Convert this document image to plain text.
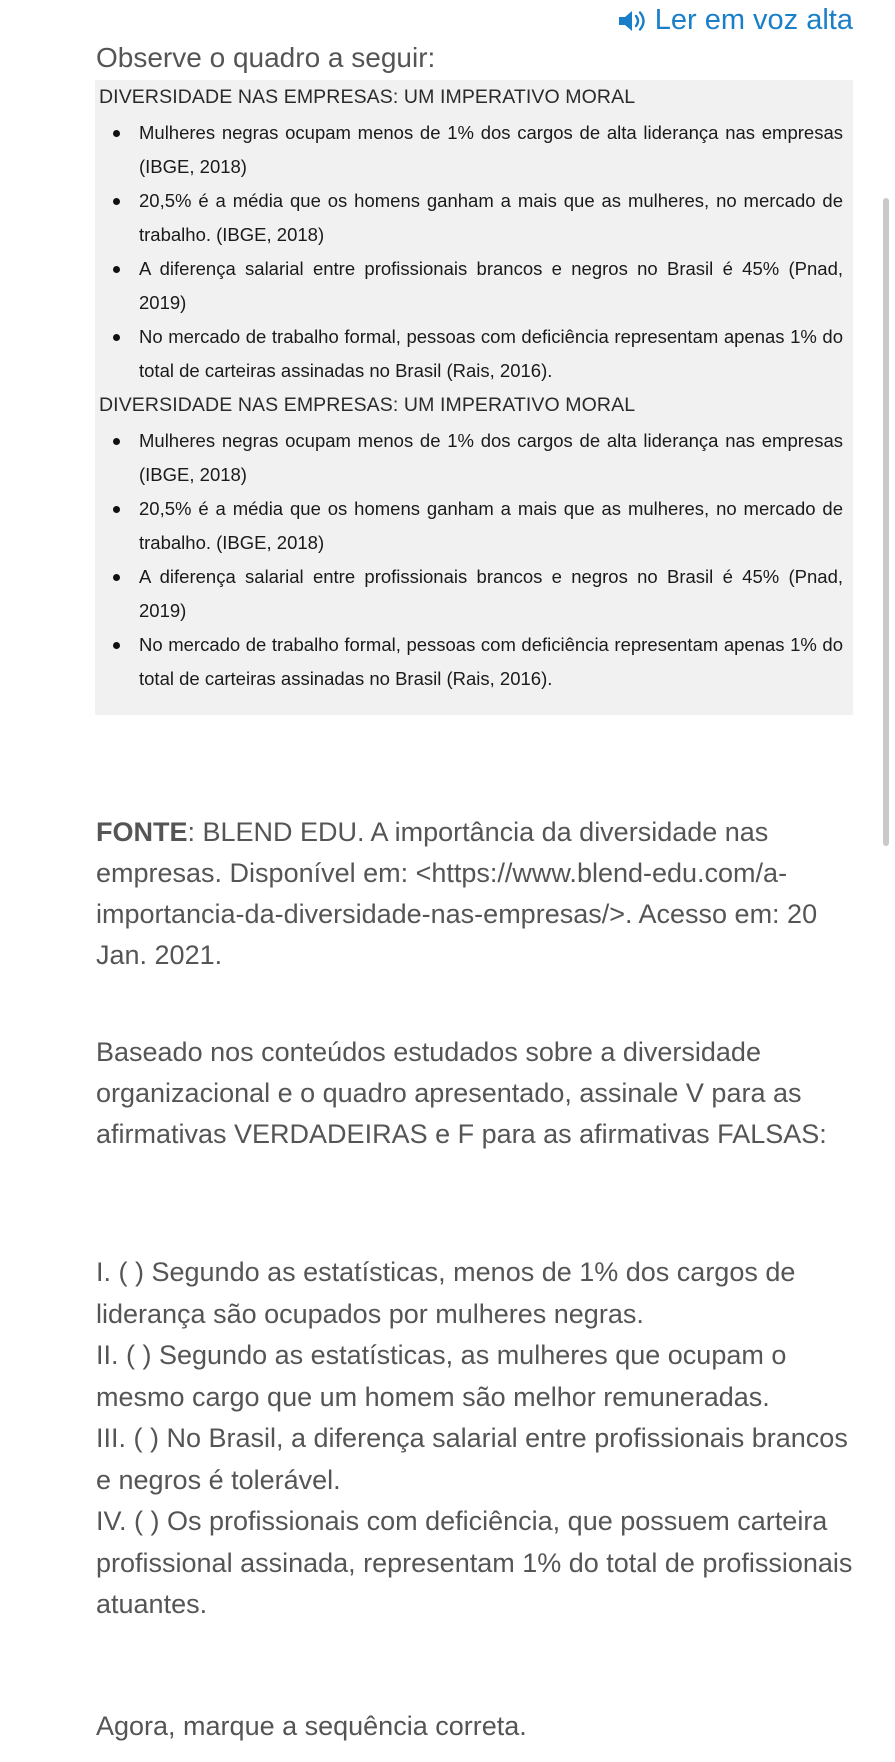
Ler em voz alta

Observe o quadro a seguir:

DIVERSIDADE NAS EMPRESAS: UM IMPERATIVO MORAL

Mulheres negras ocupam menos de 1% dos cargos de alta liderança nas empresas (IBGE, 2018)
20,5% é a média que os homens ganham a mais que as mulheres, no mercado de trabalho. (IBGE, 2018)
A diferença salarial entre profissionais brancos e negros no Brasil é 45% (Pnad, 2019)
No mercado de trabalho formal, pessoas com deficiência representam apenas 1% do total de carteiras assinadas no Brasil (Rais, 2016).

DIVERSIDADE NAS EMPRESAS: UM IMPERATIVO MORAL

Mulheres negras ocupam menos de 1% dos cargos de alta liderança nas empresas (IBGE, 2018)
20,5% é a média que os homens ganham a mais que as mulheres, no mercado de trabalho. (IBGE, 2018)
A diferença salarial entre profissionais brancos e negros no Brasil é 45% (Pnad, 2019)
No mercado de trabalho formal, pessoas com deficiência representam apenas 1% do total de carteiras assinadas no Brasil (Rais, 2016).

FONTE: BLEND EDU. A importância da diversidade nas empresas. Disponível em: <https://www.blend-edu.com/a-importancia-da-diversidade-nas-empresas/>. Acesso em: 20 Jan. 2021.

Baseado nos conteúdos estudados sobre a diversidade organizacional e o quadro apresentado, assinale V para as afirmativas VERDADEIRAS e F para as afirmativas FALSAS:

I. ( ) Segundo as estatísticas, menos de 1% dos cargos de liderança são ocupados por mulheres negras.
II. ( ) Segundo as estatísticas, as mulheres que ocupam o mesmo cargo que um homem são melhor remuneradas.
III. ( ) No Brasil, a diferença salarial entre profissionais brancos e negros é tolerável.
IV. ( ) Os profissionais com deficiência, que possuem carteira profissional assinada, representam 1% do total de profissionais atuantes.

Agora, marque a sequência correta.
